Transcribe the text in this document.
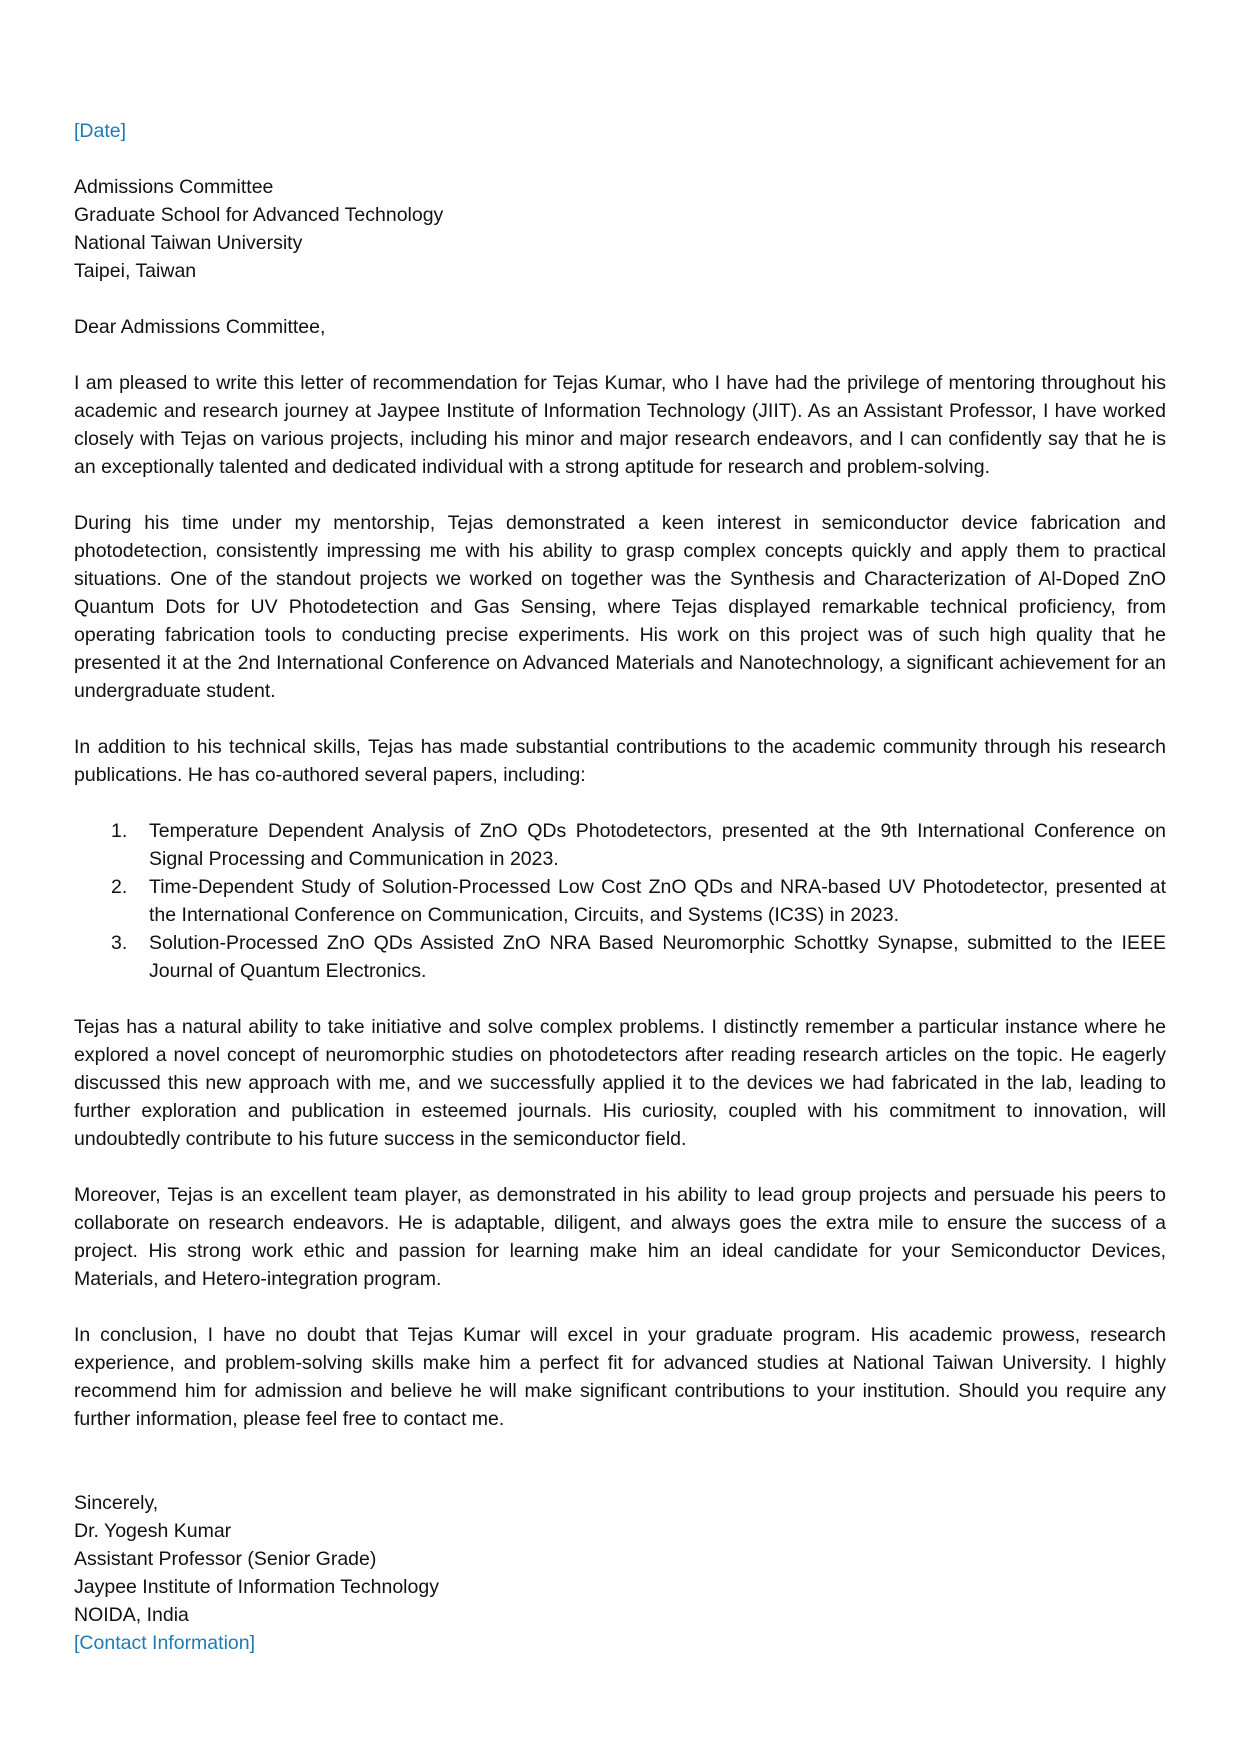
[Date]
Admissions Committee
Graduate School for Advanced Technology
National Taiwan University
Taipei, Taiwan
Dear Admissions Committee,

I am pleased to write this letter of recommendation for Tejas Kumar, who I have had the privilege of mentoring throughout his academic and research journey at Jaypee Institute of Information Technology (JIIT). As an Assistant Professor, I have worked closely with Tejas on various projects, including his minor and major research endeavors, and I can confidently say that he is an exceptionally talented and dedicated individual with a strong aptitude for research and problem-solving.

During his time under my mentorship, Tejas demonstrated a keen interest in semiconductor device fabrication and photodetection, consistently impressing me with his ability to grasp complex concepts quickly and apply them to practical situations. One of the standout projects we worked on together was the Synthesis and Characterization of Al-Doped ZnO Quantum Dots for UV Photodetection and Gas Sensing, where Tejas displayed remarkable technical proficiency, from operating fabrication tools to conducting precise experiments. His work on this project was of such high quality that he presented it at the 2nd International Conference on Advanced Materials and Nanotechnology, a significant achievement for an undergraduate student.

In addition to his technical skills, Tejas has made substantial contributions to the academic community through his research publications. He has co-authored several papers, including:

1. Temperature Dependent Analysis of ZnO QDs Photodetectors, presented at the 9th International Conference on Signal Processing and Communication in 2023.
2. Time-Dependent Study of Solution-Processed Low Cost ZnO QDs and NRA-based UV Photodetector, presented at the International Conference on Communication, Circuits, and Systems (IC3S) in 2023.
3. Solution-Processed ZnO QDs Assisted ZnO NRA Based Neuromorphic Schottky Synapse, submitted to the IEEE Journal of Quantum Electronics.

Tejas has a natural ability to take initiative and solve complex problems. I distinctly remember a particular instance where he explored a novel concept of neuromorphic studies on photodetectors after reading research articles on the topic. He eagerly discussed this new approach with me, and we successfully applied it to the devices we had fabricated in the lab, leading to further exploration and publication in esteemed journals. His curiosity, coupled with his commitment to innovation, will undoubtedly contribute to his future success in the semiconductor field.

Moreover, Tejas is an excellent team player, as demonstrated in his ability to lead group projects and persuade his peers to collaborate on research endeavors. He is adaptable, diligent, and always goes the extra mile to ensure the success of a project. His strong work ethic and passion for learning make him an ideal candidate for your Semiconductor Devices, Materials, and Hetero-integration program.

In conclusion, I have no doubt that Tejas Kumar will excel in your graduate program. His academic prowess, research experience, and problem-solving skills make him a perfect fit for advanced studies at National Taiwan University. I highly recommend him for admission and believe he will make significant contributions to your institution. Should you require any further information, please feel free to contact me.

Sincerely,
Dr. Yogesh Kumar
Assistant Professor (Senior Grade)
Jaypee Institute of Information Technology
NOIDA, India
[Contact Information]
